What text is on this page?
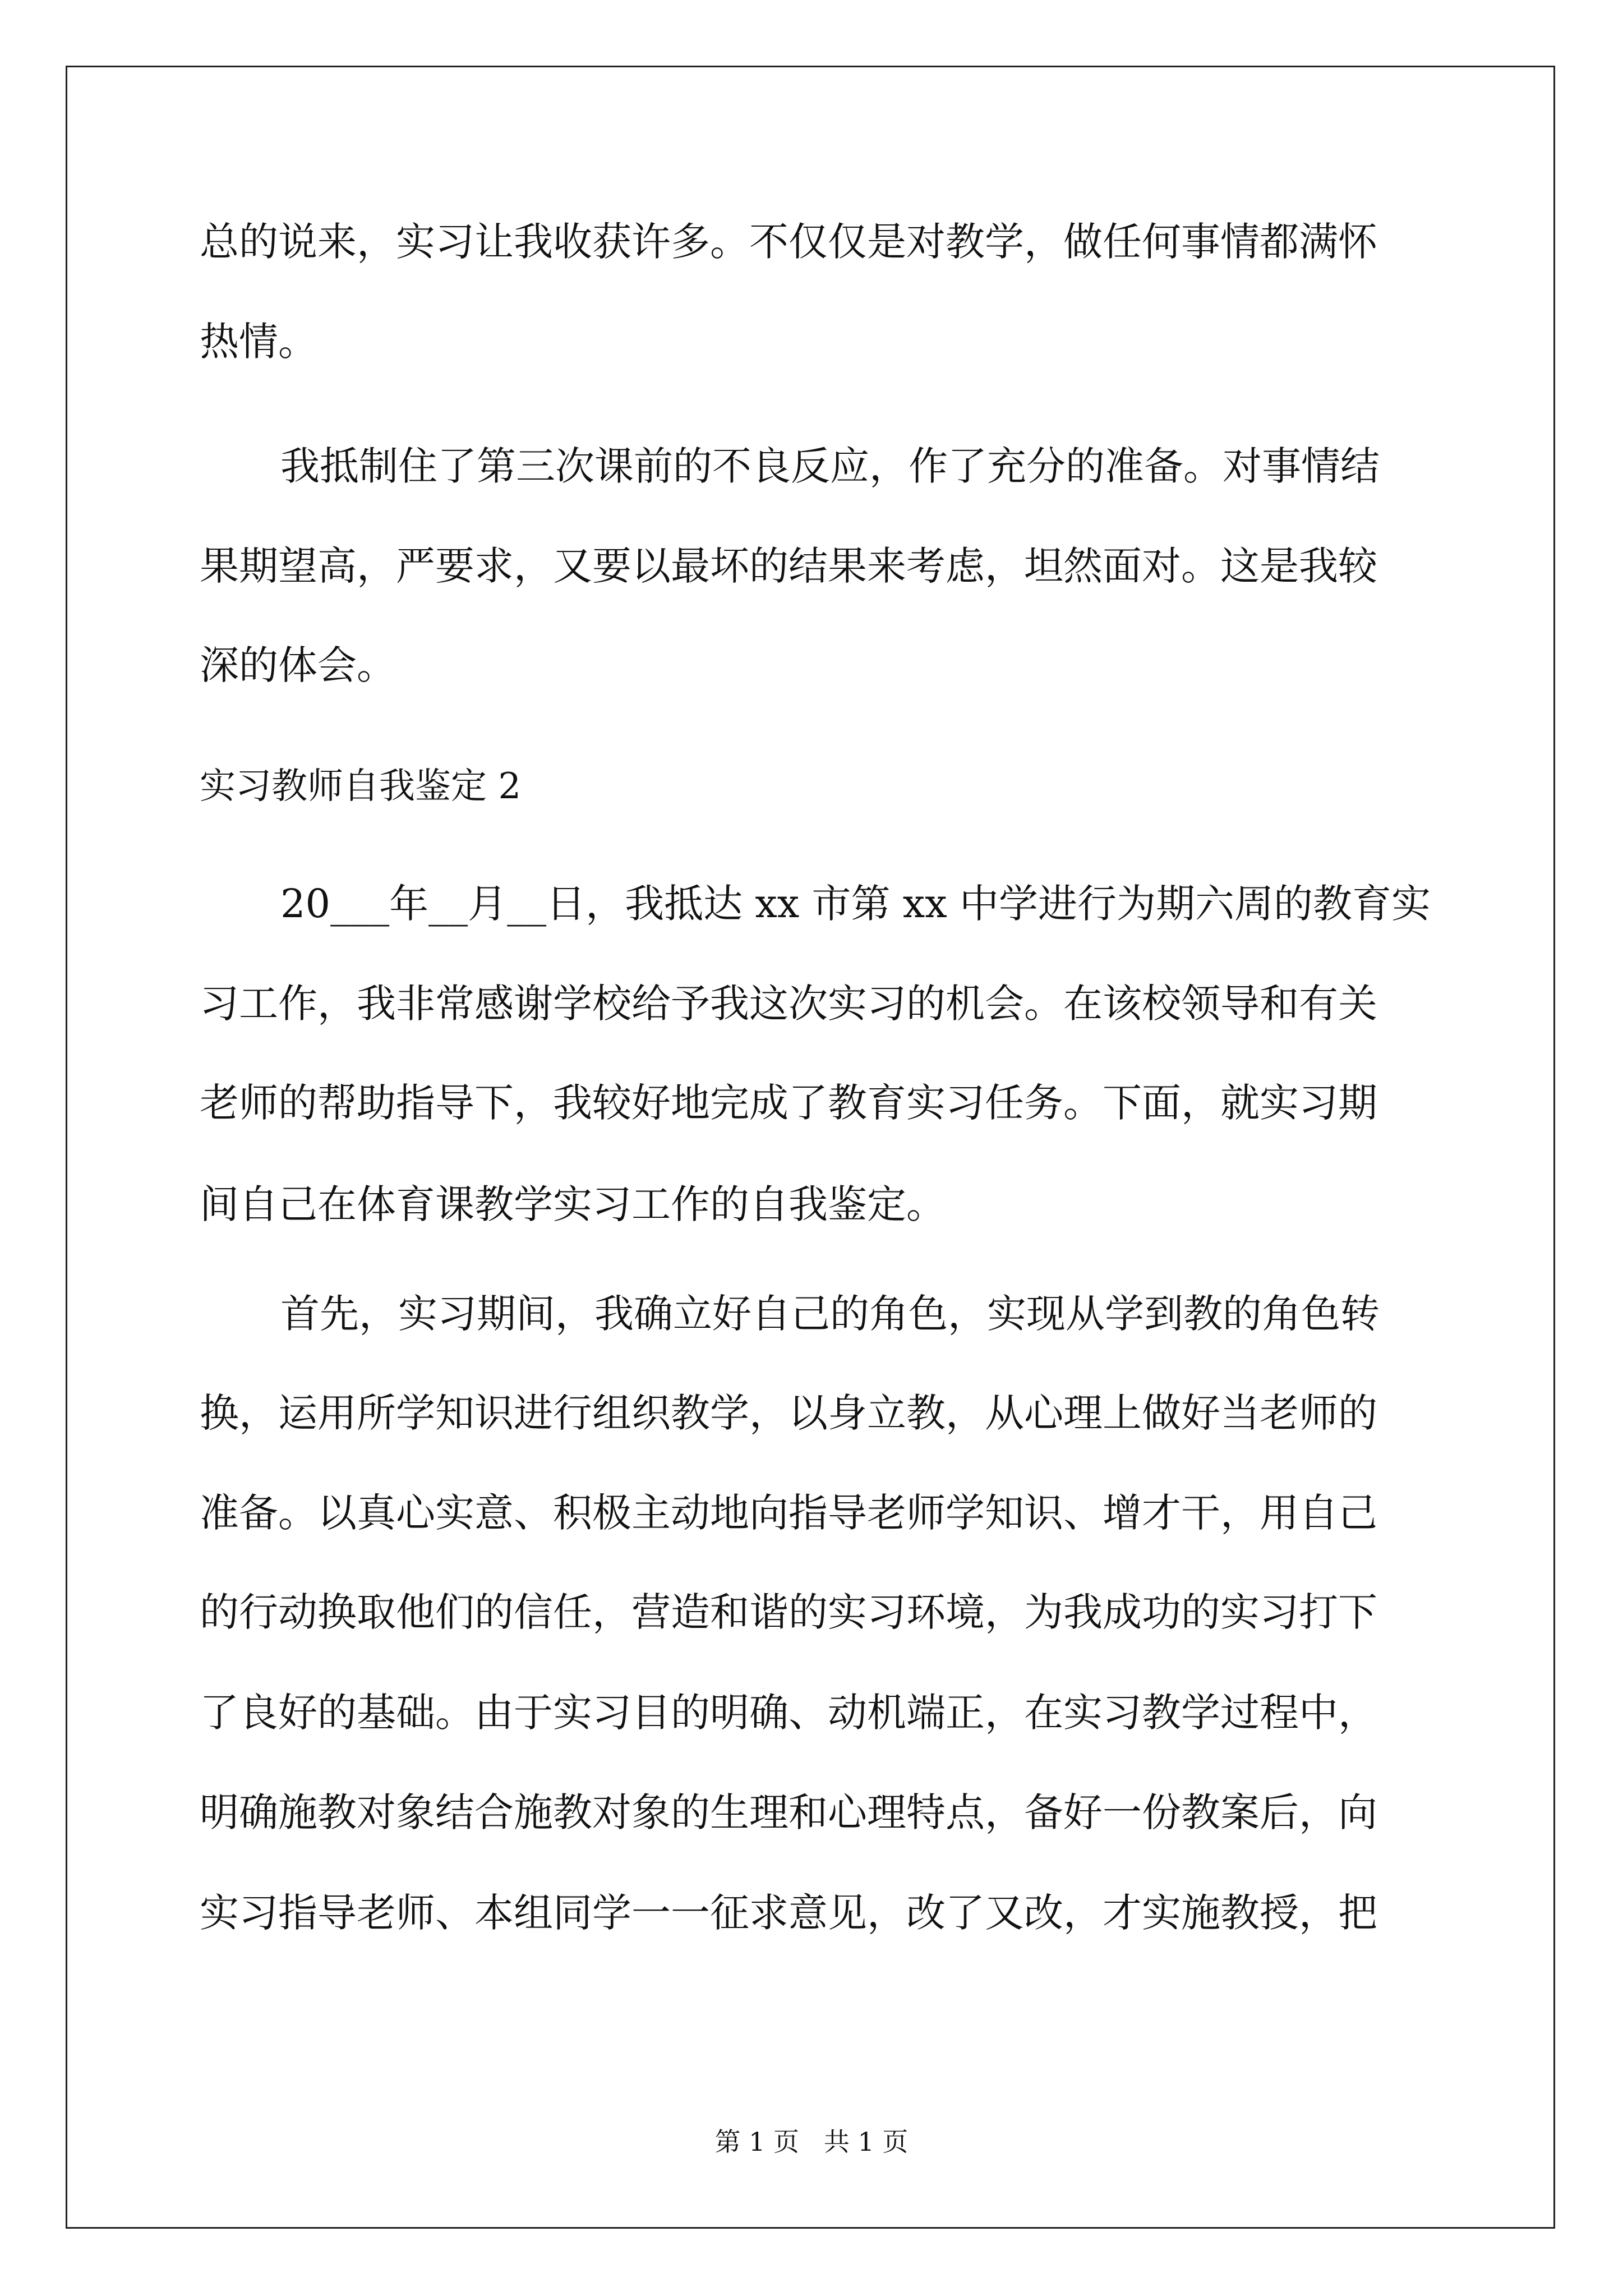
总的说来，实习让我收获许多。不仅仅是对教学，做任何事情都满怀

热情。

我抵制住了第三次课前的不良反应，作了充分的准备。对事情结

果期望高，严要求，又要以最坏的结果来考虑，坦然面对。这是我较

深的体会。

实习教师自我鉴定 2

20___年__月__日，我抵达 xx 市第 xx 中学进行为期六周的教育实

习工作，我非常感谢学校给予我这次实习的机会。在该校领导和有关

老师的帮助指导下，我较好地完成了教育实习任务。下面，就实习期

间自己在体育课教学实习工作的自我鉴定。

首先，实习期间，我确立好自己的角色，实现从学到教的角色转

换，运用所学知识进行组织教学，以身立教，从心理上做好当老师的

准备。以真心实意、积极主动地向指导老师学知识、增才干，用自己

的行动换取他们的信任，营造和谐的实习环境，为我成功的实习打下

了良好的基础。由于实习目的明确、动机端正，在实习教学过程中，

明确施教对象结合施教对象的生理和心理特点，备好一份教案后，向

实习指导老师、本组同学一一征求意见，改了又改，才实施教授，把

第 1 页   共 1 页
